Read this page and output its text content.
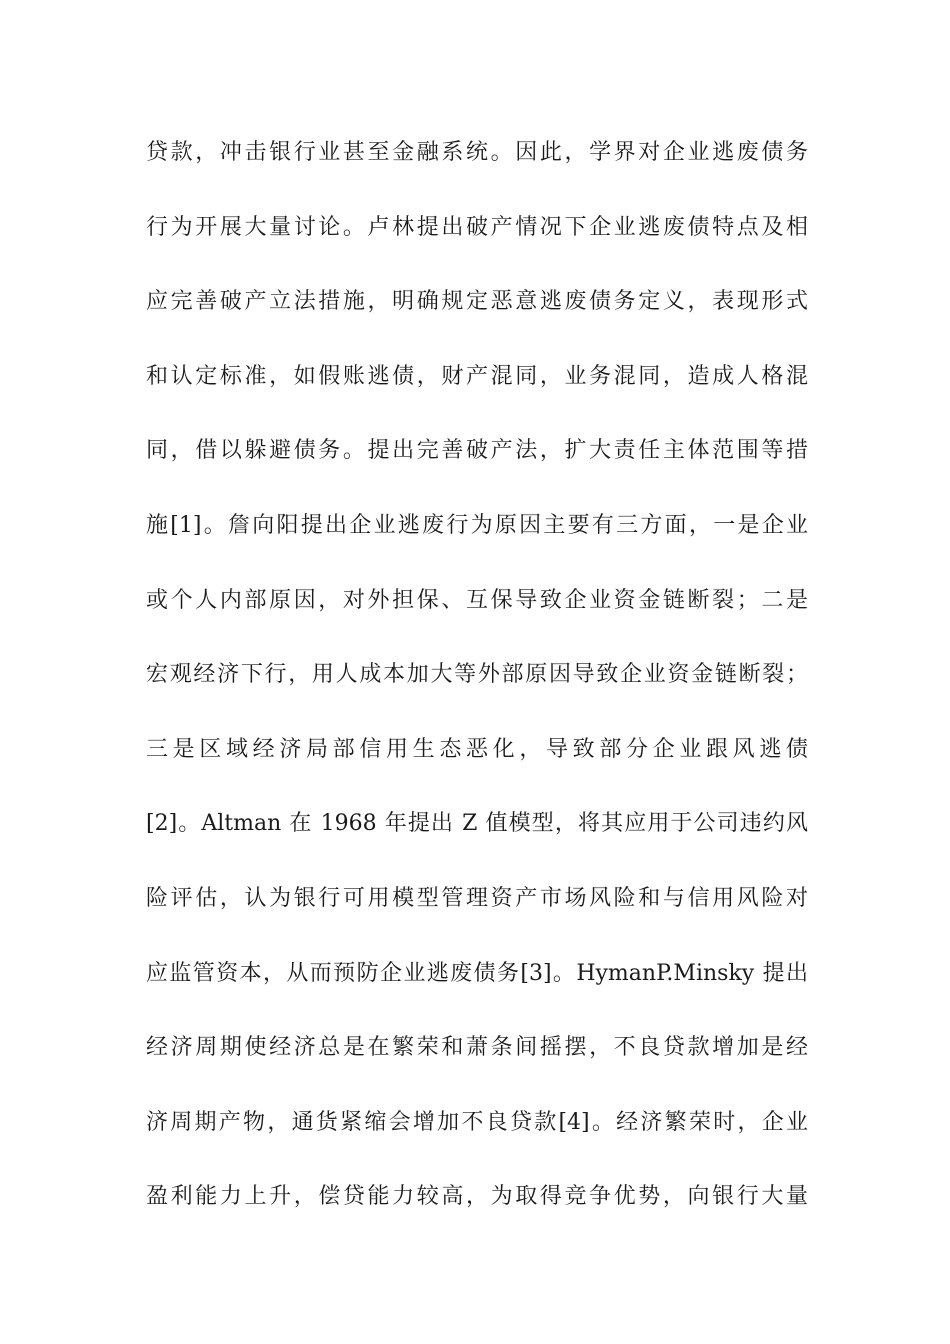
贷款，冲击银行业甚至金融系统。因此，学界对企业逃废债务
行为开展大量讨论。卢林提出破产情况下企业逃废债特点及相
应完善破产立法措施，明确规定恶意逃废债务定义，表现形式
和认定标准，如假账逃债，财产混同，业务混同，造成人格混
同，借以躲避债务。提出完善破产法，扩大责任主体范围等措
施[1]。詹向阳提出企业逃废行为原因主要有三方面，一是企业
或个人内部原因，对外担保、互保导致企业资金链断裂；二是
宏观经济下行，用人成本加大等外部原因导致企业资金链断裂；
三是区域经济局部信用生态恶化，导致部分企业跟风逃债
[2]。Altman 在 1968 年提出 Z 值模型，将其应用于公司违约风
险评估，认为银行可用模型管理资产市场风险和与信用风险对
应监管资本，从而预防企业逃废债务[3]。HymanP.Minsky 提出
经济周期使经济总是在繁荣和萧条间摇摆，不良贷款增加是经
济周期产物，通货紧缩会增加不良贷款[4]。经济繁荣时，企业
盈利能力上升，偿贷能力较高，为取得竞争优势，向银行大量
